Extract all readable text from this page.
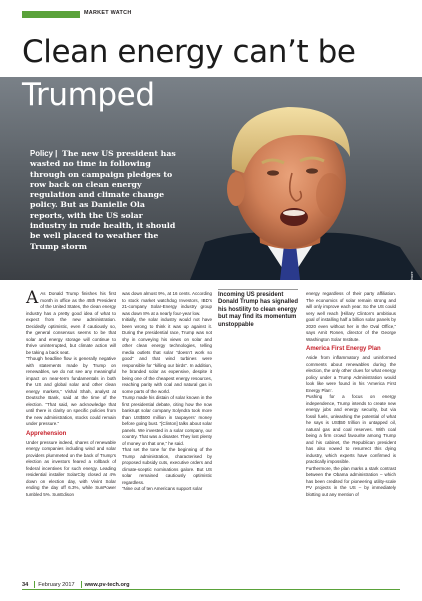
MARKET WATCH
Clean energy can’t be
Gage Skidmore
Trumped
Policy | The new US president has wasted no time in following through on campaign pledges to row back on clean energy regulation and climate change policy. But as Danielle Ola reports, with the US solar industry in rude health, it should be well placed to weather the Trump storm
A As Donald Trump finishes his first month in office as the 45th President of the United States, the clean energy industry has a pretty good idea of what to expect from the new administration. Decidedly optimistic, even if cautiously so, the general consensus seems to be that solar and energy storage will continue to thrive uninterrupted, but climate action will be taking a back seat.

“Though headline flow is generally negative with statements made by Trump on renewables, we do not see any meaningful impact on near-term fundamentals in both the US and global solar and other clean energy markets,” Vishal Shah, analyst at Deutsche Bank, said at the time of the election. “That said, we acknowledge that until there is clarity on specific policies from the new administration, stocks could remain under pressure.”

Apprehension

Under pressure indeed, shares of renewable energy companies including wind and solar providers plummeted on the back of Trump’s election as investors feared a rollback of federal incentives for such energy. Leading residential installer SolarCity closed at 4% down on election day, with Vivint Solar ending the day off 6.3%, while SunPower tumbled 5%. SunEdison

was down almost 9%, at 16 cents. According to stock market watchdog Investors, IBD’s 21-company Solar-Energy industry group was down 8% at a nearly four-year low.

Initially, the solar industry would not have been wrong to think it was up against it. During the presidential race, Trump was not shy in conveying his views on solar and other clean energy technologies, telling media outlets that solar “doesn’t work so good” and that wind turbines were responsible for “killing our birds”. In addition, he branded solar as expensive, despite it being one of the cheapest energy resources, reaching parity with coal and natural gas in some parts of the world.

Trump made his distain of solar known in the first presidential debate, citing how the now bankrupt solar company Solyndra took more than US$500 million in taxpayers’ money before going bust. “[Clinton] talks about solar panels. We invested in a solar company, our country. That was a disaster. They lost plenty of money on that one,” he said.

That set the tone for the beginning of the Trump administration, characterised by proposed subsidy cuts, executive orders and climate-sceptic nominations galore. But US solar remained cautiously optimistic regardless.

“Nine out of ten Americans support solar

Incoming US president Donald Trump has signalled his hostility to clean energy but may find its momentum unstoppable

energy regardless of their party affiliation. The economics of solar remain strong and will only improve each year. So the US could very well reach [Hillary Clinton’s ambitious goal of installing half a billion solar panels by 2020 even without her in the Oval Office,” says Amit Ronen, director of the George Washington Solar Institute.

America First Energy Plan

Aside from inflammatory and uninformed comments about renewables during the election, the only other clues for what energy policy under a Trump Administration would look like were found in his ‘America First Energy Plan’.

Pushing for a focus on energy independence, Trump intends to create new energy jobs and energy security, but via fossil fuels, unleashing the potential of what he says is US$50 trillion in untapped oil, natural gas and coal reserves. With coal being a firm crowd favourite among Trump and his cabinet, the Republican president has also vowed to resurrect this dying industry, which experts have confirmed is practically impossible.

Furthermore, the plan marks a stark contrast between the Obama administration – which has been credited for pioneering utility-scale PV projects in the US – by immediately blotting out any mention of

34 February 2017 www.pv-tech.org
